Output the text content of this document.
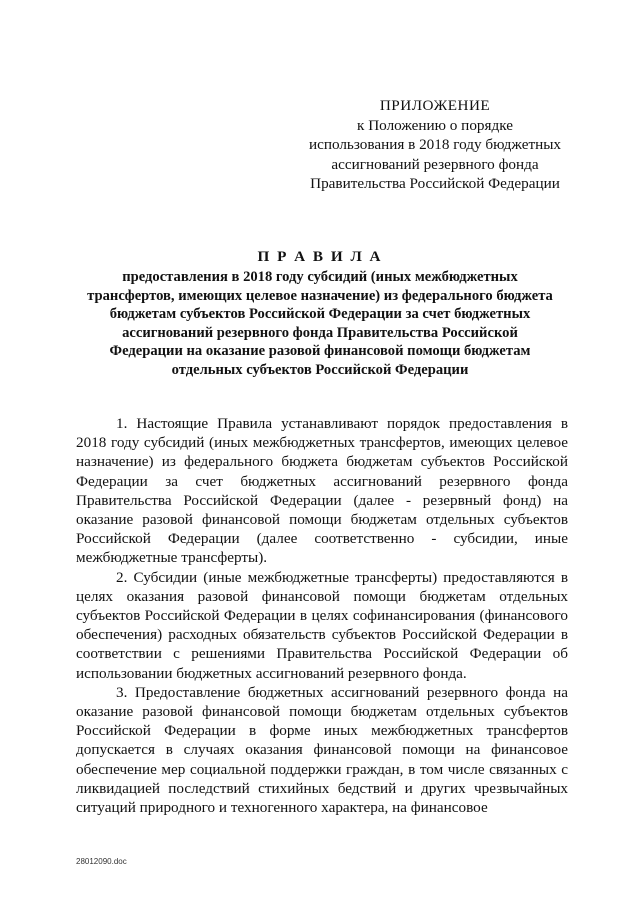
ПРИЛОЖЕНИЕ
к Положению о порядке
использования в 2018 году бюджетных
ассигнований резервного фонда
Правительства Российской Федерации
П Р А В И Л А
предоставления в 2018 году субсидий (иных межбюджетных
трансфертов, имеющих целевое назначение) из федерального бюджета
бюджетам субъектов Российской Федерации за счет бюджетных
ассигнований резервного фонда Правительства Российской
Федерации на оказание разовой финансовой помощи бюджетам
отдельных субъектов Российской Федерации

1. Настоящие Правила устанавливают порядок предоставления в 2018 году субсидий (иных межбюджетных трансфертов, имеющих целевое назначение) из федерального бюджета бюджетам субъектов Российской Федерации за счет бюджетных ассигнований резервного фонда Правительства Российской Федерации (далее - резервный фонд) на оказание разовой финансовой помощи бюджетам отдельных субъектов Российской Федерации (далее соответственно - субсидии, иные межбюджетные трансферты).

2. Субсидии (иные межбюджетные трансферты) предоставляются в целях оказания разовой финансовой помощи бюджетам отдельных субъектов Российской Федерации в целях софинансирования (финансового обеспечения) расходных обязательств субъектов Российской Федерации в соответствии с решениями Правительства Российской Федерации об использовании бюджетных ассигнований резервного фонда.

3. Предоставление бюджетных ассигнований резервного фонда на оказание разовой финансовой помощи бюджетам отдельных субъектов Российской Федерации в форме иных межбюджетных трансфертов допускается в случаях оказания финансовой помощи на финансовое обеспечение мер социальной поддержки граждан, в том числе связанных с ликвидацией последствий стихийных бедствий и других чрезвычайных ситуаций природного и техногенного характера, на финансовое

28012090.doc
